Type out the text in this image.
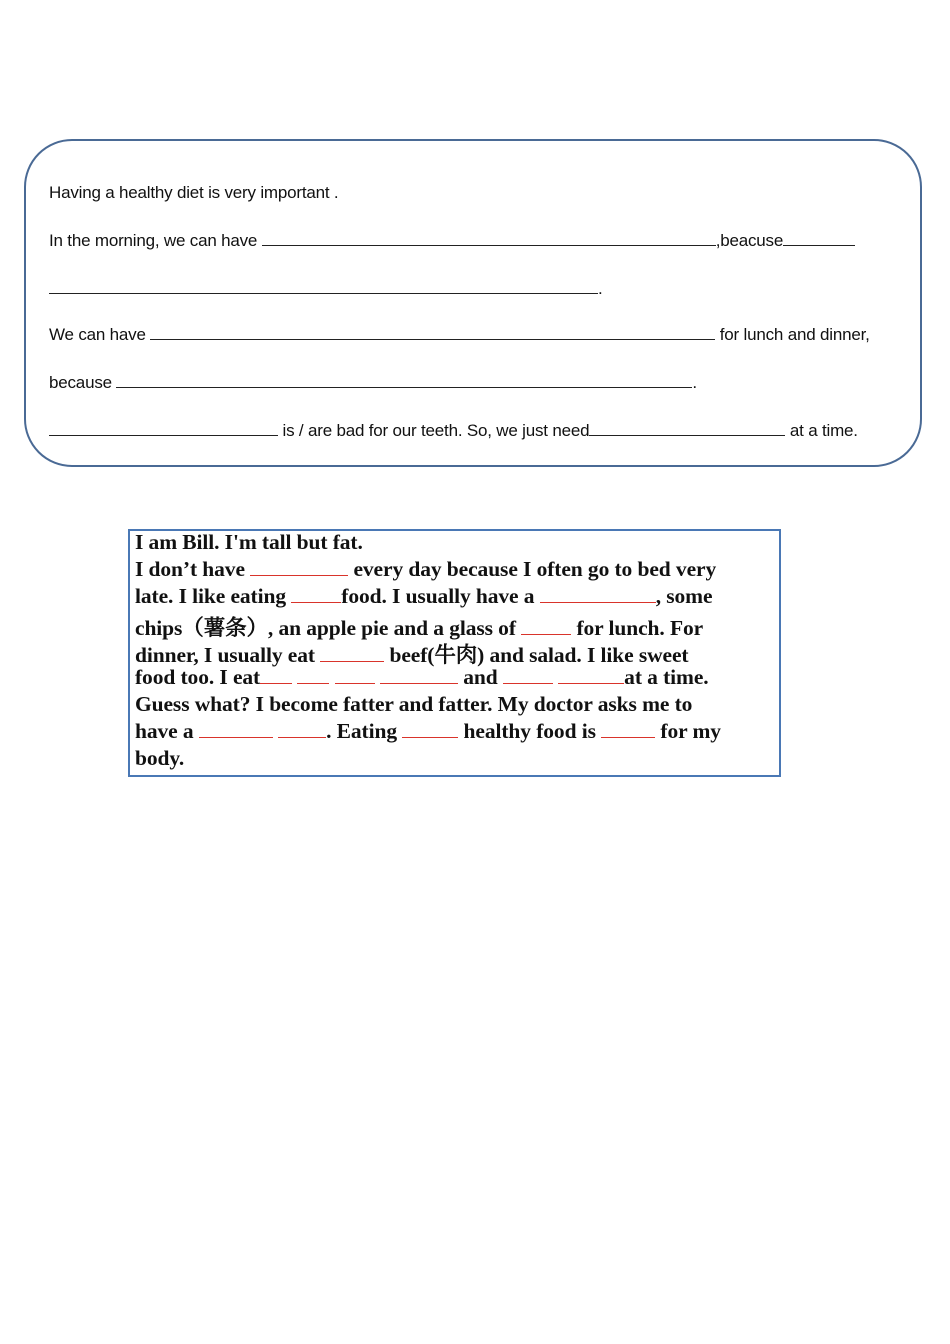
Having a healthy diet is very important .
In the morning, we can have	,beacuse
.
We can have	for lunch and dinner,
because	.
is / are bad for our teeth. So, we just need	at a time.
I am Bill. I'm tall but fat.
I don’t have	every day because I often go to bed very
late. I like eating	food. I usually have a	, some
chips（薯条）, an apple pie and a glass of	for lunch. For
dinner, I usually eat	beef(牛肉) and salad. I like sweet
food too. I eat	and	at a time.
Guess what? I become fatter and fatter. My doctor asks me to
have a	. Eating	healthy food is	for my
body.
